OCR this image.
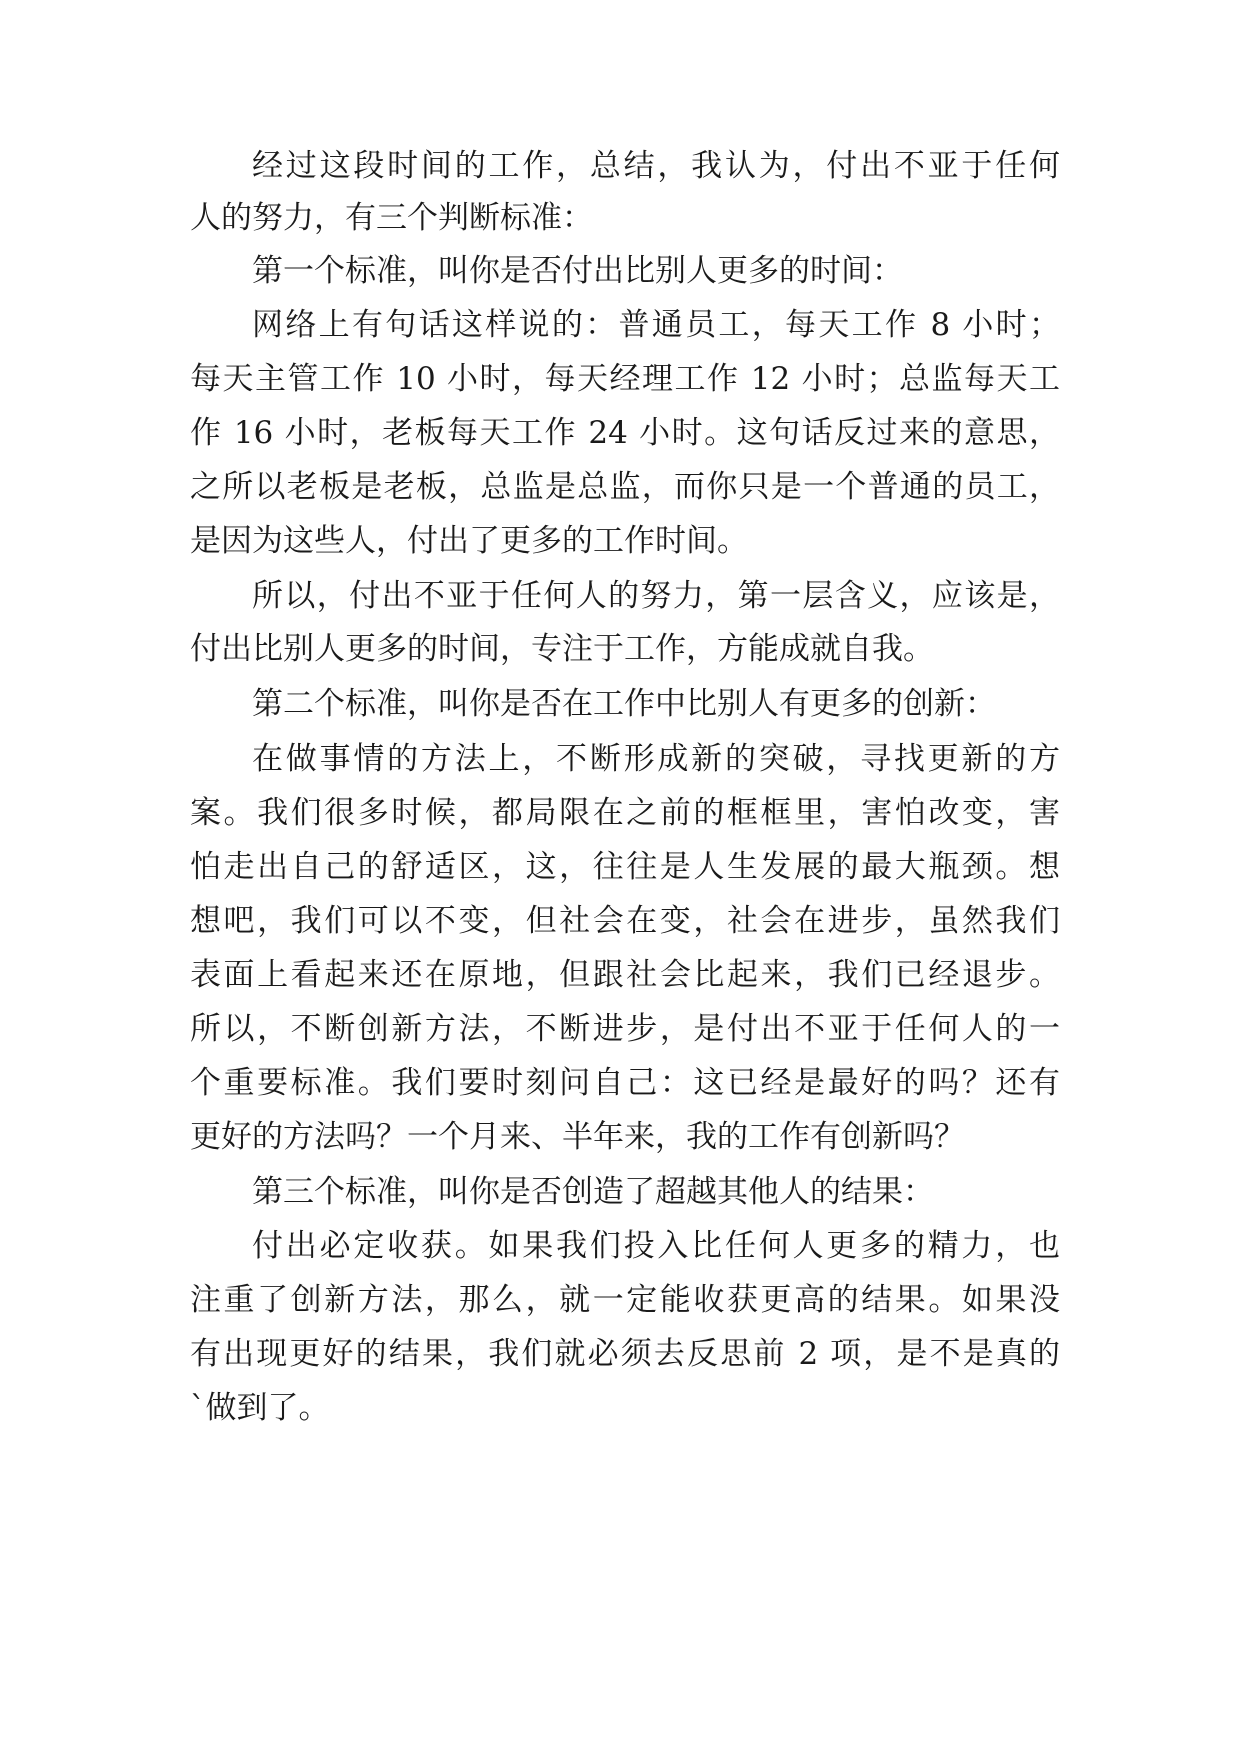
经过这段时间的工作，总结，我认为，付出不亚于任何
人的努力，有三个判断标准：
第一个标准，叫你是否付出比别人更多的时间：
网络上有句话这样说的：普通员工，每天工作 8 小时；
每天主管工作 10 小时，每天经理工作 12 小时；总监每天工
作 16 小时，老板每天工作 24 小时。这句话反过来的意思，
之所以老板是老板，总监是总监，而你只是一个普通的员工，
是因为这些人，付出了更多的工作时间。
所以，付出不亚于任何人的努力，第一层含义，应该是，
付出比别人更多的时间，专注于工作，方能成就自我。
第二个标准，叫你是否在工作中比别人有更多的创新：
在做事情的方法上，不断形成新的突破，寻找更新的方
案。我们很多时候，都局限在之前的框框里，害怕改变，害
怕走出自己的舒适区，这，往往是人生发展的最大瓶颈。想
想吧，我们可以不变，但社会在变，社会在进步，虽然我们
表面上看起来还在原地，但跟社会比起来，我们已经退步。
所以，不断创新方法，不断进步，是付出不亚于任何人的一
个重要标准。我们要时刻问自己：这已经是最好的吗？还有
更好的方法吗？一个月来、半年来，我的工作有创新吗？
第三个标准，叫你是否创造了超越其他人的结果：
付出必定收获。如果我们投入比任何人更多的精力，也
注重了创新方法，那么，就一定能收获更高的结果。如果没
有出现更好的结果，我们就必须去反思前 2 项，是不是真的
`做到了。
